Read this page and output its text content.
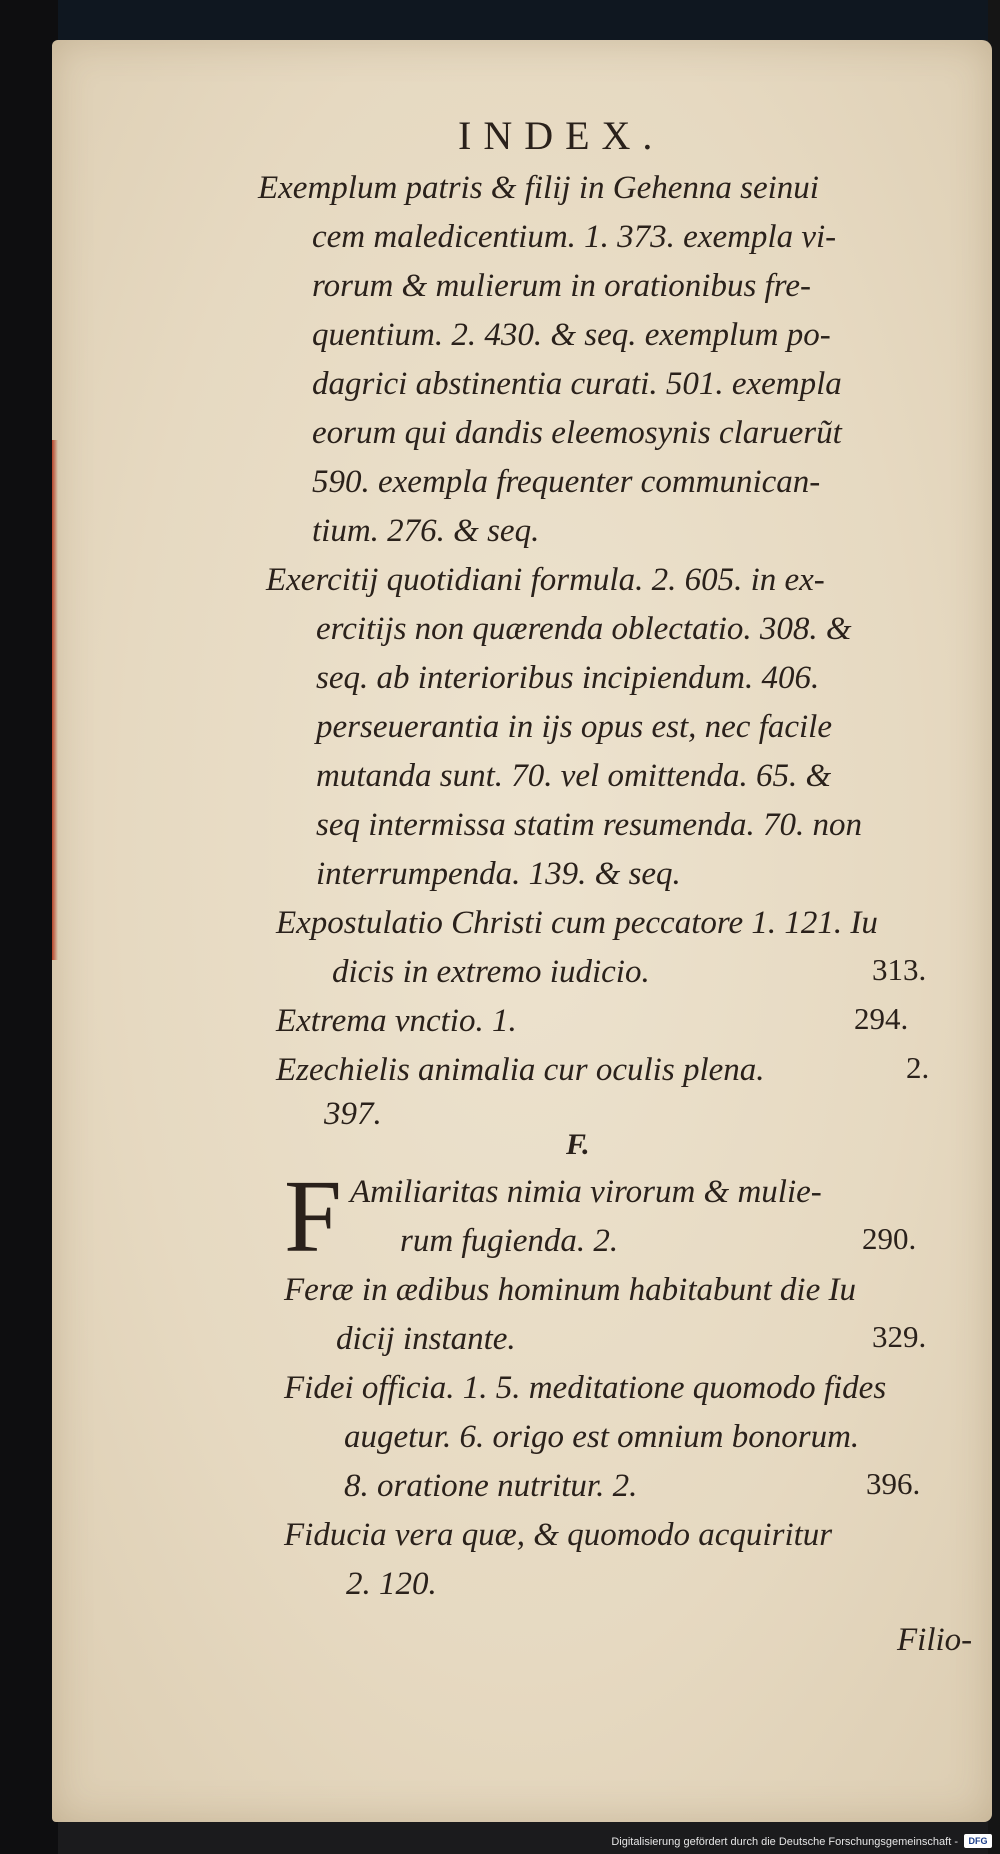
INDEX.

Exemplum patris & filij in Gehenna seinui

cem maledicentium. 1. 373. exempla vi-

rorum & mulierum in orationibus fre-

quentium. 2. 430. & seq. exemplum po-

dagrici abstinentia curati. 501. exempla

eorum qui dandis eleemosynis claruerũt

590. exempla frequenter communican-

tium. 276. & seq.

Exercitij quotidiani formula. 2. 605. in ex-

ercitijs non quærenda oblectatio. 308. &

seq. ab interioribus incipiendum. 406.

perseuerantia in ijs opus est, nec facile

mutanda sunt. 70. vel omittenda. 65. &

seq intermissa statim resumenda. 70. non

interrumpenda. 139. & seq.

Expostulatio Christi cum peccatore 1. 121. Iu

dicis in extremo iudicio.	313.

Extrema vnctio. 1.	294.

Ezechielis animalia cur oculis plena.	2.

397.

F.

F Amiliaritas nimia virorum & mulie-

rum fugienda. 2.	290.

Feræ in ædibus hominum habitabunt die Iu

dicij instante.	329.

Fidei officia. 1. 5. meditatione quomodo fides

augetur. 6. origo est omnium bonorum.

8. oratione nutritur. 2.	396.

Fiducia vera quæ, & quomodo acquiritur

2. 120.

Filio-

Digitalisierung gefördert durch die Deutsche Forschungsgemeinschaft -	DFG
